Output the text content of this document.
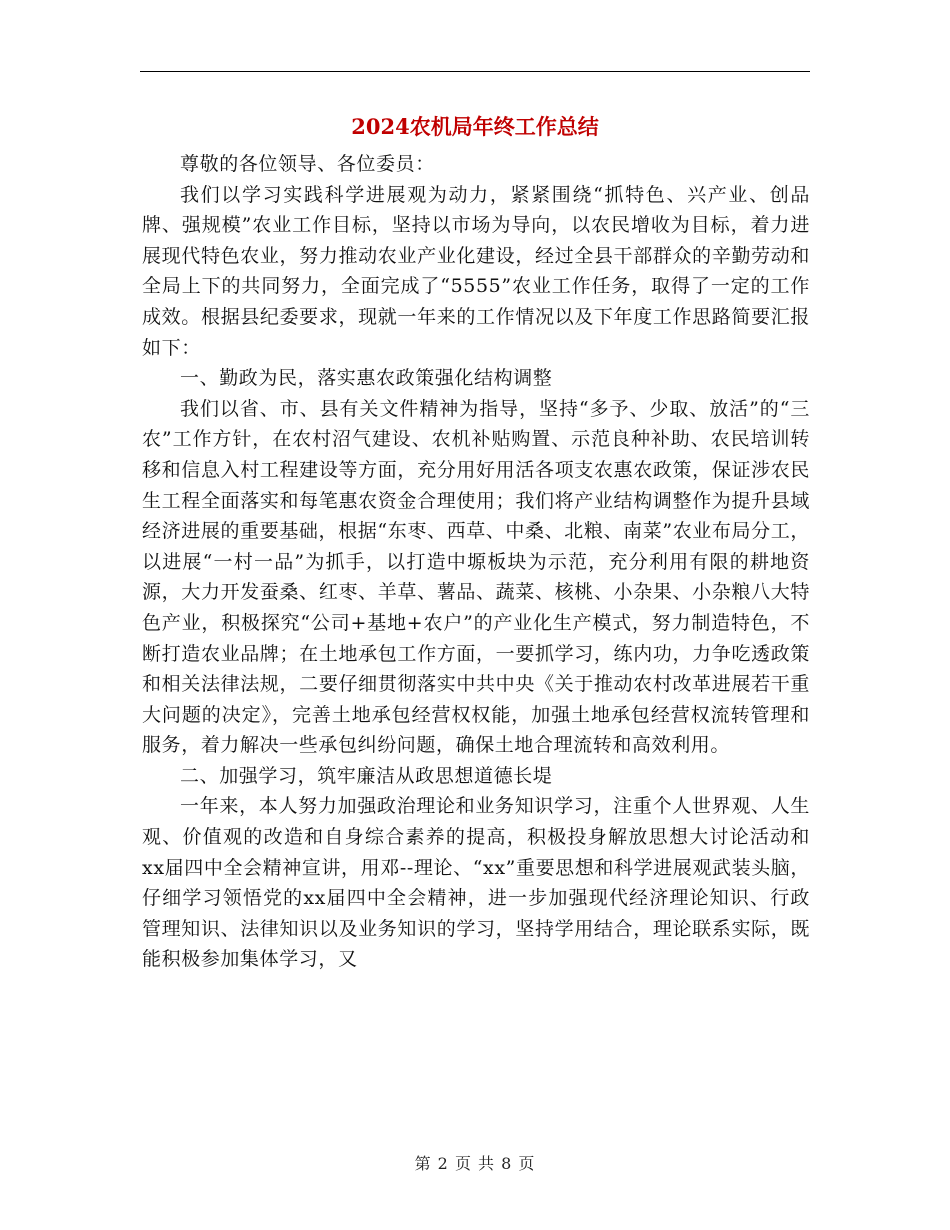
2024农机局年终工作总结

尊敬的各位领导、各位委员：

我们以学习实践科学进展观为动力，紧紧围绕“抓特色、兴产业、创品牌、强规模”农业工作目标，坚持以市场为导向，以农民增收为目标，着力进展现代特色农业，努力推动农业产业化建设，经过全县干部群众的辛勤劳动和全局上下的共同努力，全面完成了“5555”农业工作任务，取得了一定的工作成效。根据县纪委要求，现就一年来的工作情况以及下年度工作思路简要汇报如下：

一、勤政为民，落实惠农政策强化结构调整

我们以省、市、县有关文件精神为指导，坚持“多予、少取、放活”的“三农”工作方针，在农村沼气建设、农机补贴购置、示范良种补助、农民培训转移和信息入村工程建设等方面，充分用好用活各项支农惠农政策，保证涉农民生工程全面落实和每笔惠农资金合理使用；我们将产业结构调整作为提升县域经济进展的重要基础，根据“东枣、西草、中桑、北粮、南菜”农业布局分工，以进展“一村一品”为抓手，以打造中塬板块为示范，充分利用有限的耕地资源，大力开发蚕桑、红枣、羊草、薯品、蔬菜、核桃、小杂果、小杂粮八大特色产业，积极探究“公司+基地+农户”的产业化生产模式，努力制造特色，不断打造农业品牌；在土地承包工作方面，一要抓学习，练内功，力争吃透政策和相关法律法规，二要仔细贯彻落实中共中央《关于推动农村改革进展若干重大问题的决定》，完善土地承包经营权权能，加强土地承包经营权流转管理和服务，着力解决一些承包纠纷问题，确保土地合理流转和高效利用。

二、加强学习，筑牢廉洁从政思想道德长堤

一年来，本人努力加强政治理论和业务知识学习，注重个人世界观、人生观、价值观的改造和自身综合素养的提高，积极投身解放思想大讨论活动和xx届四中全会精神宣讲，用邓--理论、“xx”重要思想和科学进展观武装头脑，仔细学习领悟党的xx届四中全会精神，进一步加强现代经济理论知识、行政管理知识、法律知识以及业务知识的学习，坚持学用结合，理论联系实际，既能积极参加集体学习，又

第 2 页 共 8 页
